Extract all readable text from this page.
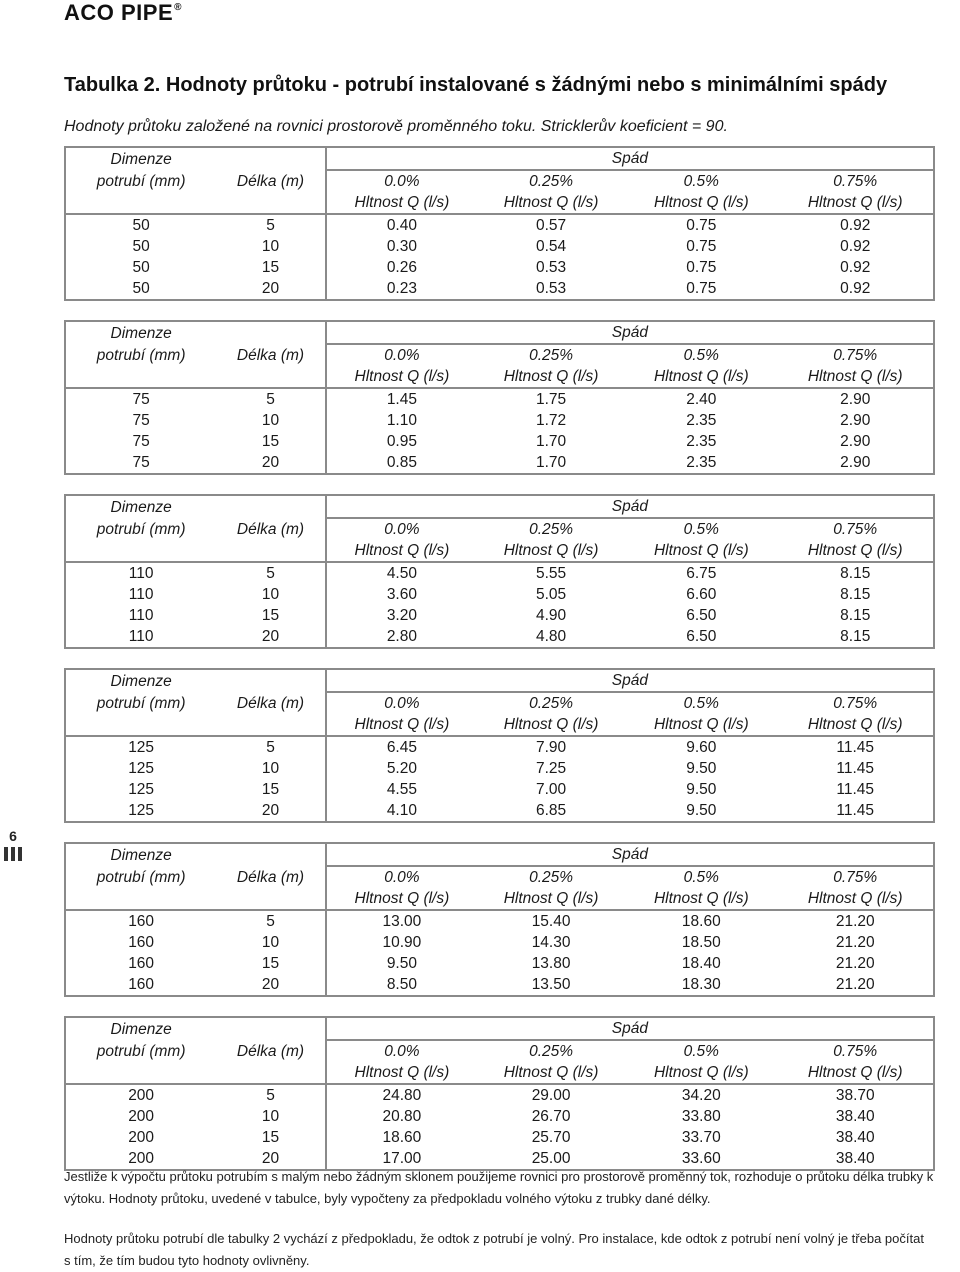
ACO PIPE®
Tabulka 2. Hodnoty průtoku - potrubí instalované s žádnými nebo s minimálními spády
Hodnoty průtoku založené na rovnici prostorově proměnného toku. Stricklerův koeficient = 90.
Dimenze		Spád			
potrubí (mm)	Délka (m)	0.0%	0.25%	0.5%	0.75%
		Hltnost Q (l/s)	Hltnost Q (l/s)	Hltnost Q (l/s)	Hltnost Q (l/s)
50	5	0.40	0.57	0.75	0.92
50	10	0.30	0.54	0.75	0.92
50	15	0.26	0.53	0.75	0.92
50	20	0.23	0.53	0.75	0.92
Dimenze		Spád			
potrubí (mm)	Délka (m)	0.0%	0.25%	0.5%	0.75%
		Hltnost Q (l/s)	Hltnost Q (l/s)	Hltnost Q (l/s)	Hltnost Q (l/s)
75	5	1.45	1.75	2.40	2.90
75	10	1.10	1.72	2.35	2.90
75	15	0.95	1.70	2.35	2.90
75	20	0.85	1.70	2.35	2.90
Dimenze		Spád			
potrubí (mm)	Délka (m)	0.0%	0.25%	0.5%	0.75%
		Hltnost Q (l/s)	Hltnost Q (l/s)	Hltnost Q (l/s)	Hltnost Q (l/s)
110	5	4.50	5.55	6.75	8.15
110	10	3.60	5.05	6.60	8.15
110	15	3.20	4.90	6.50	8.15
110	20	2.80	4.80	6.50	8.15
Dimenze		Spád			
potrubí (mm)	Délka (m)	0.0%	0.25%	0.5%	0.75%
		Hltnost Q (l/s)	Hltnost Q (l/s)	Hltnost Q (l/s)	Hltnost Q (l/s)
125	5	6.45	7.90	9.60	11.45
125	10	5.20	7.25	9.50	11.45
125	15	4.55	7.00	9.50	11.45
125	20	4.10	6.85	9.50	11.45
Dimenze		Spád			
potrubí (mm)	Délka (m)	0.0%	0.25%	0.5%	0.75%
		Hltnost Q (l/s)	Hltnost Q (l/s)	Hltnost Q (l/s)	Hltnost Q (l/s)
160	5	13.00	15.40	18.60	21.20
160	10	10.90	14.30	18.50	21.20
160	15	9.50	13.80	18.40	21.20
160	20	8.50	13.50	18.30	21.20
Dimenze		Spád			
potrubí (mm)	Délka (m)	0.0%	0.25%	0.5%	0.75%
		Hltnost Q (l/s)	Hltnost Q (l/s)	Hltnost Q (l/s)	Hltnost Q (l/s)
200	5	24.80	29.00	34.20	38.70
200	10	20.80	26.70	33.80	38.40
200	15	18.60	25.70	33.70	38.40
200	20	17.00	25.00	33.60	38.40
6
Jestliže k výpočtu průtoku potrubím s malým nebo žádným sklonem použijeme rovnici pro prostorově proměnný tok, rozhoduje o průtoku délka trubky k výtoku. Hodnoty průtoku, uvedené v tabulce, byly vypočteny za předpokladu volného výtoku z trubky dané délky.
Hodnoty průtoku potrubí dle tabulky 2 vychází z předpokladu, že odtok z potrubí je volný. Pro instalace, kde odtok z potrubí není volný je třeba počítat s tím, že tím budou tyto hodnoty ovlivněny.
